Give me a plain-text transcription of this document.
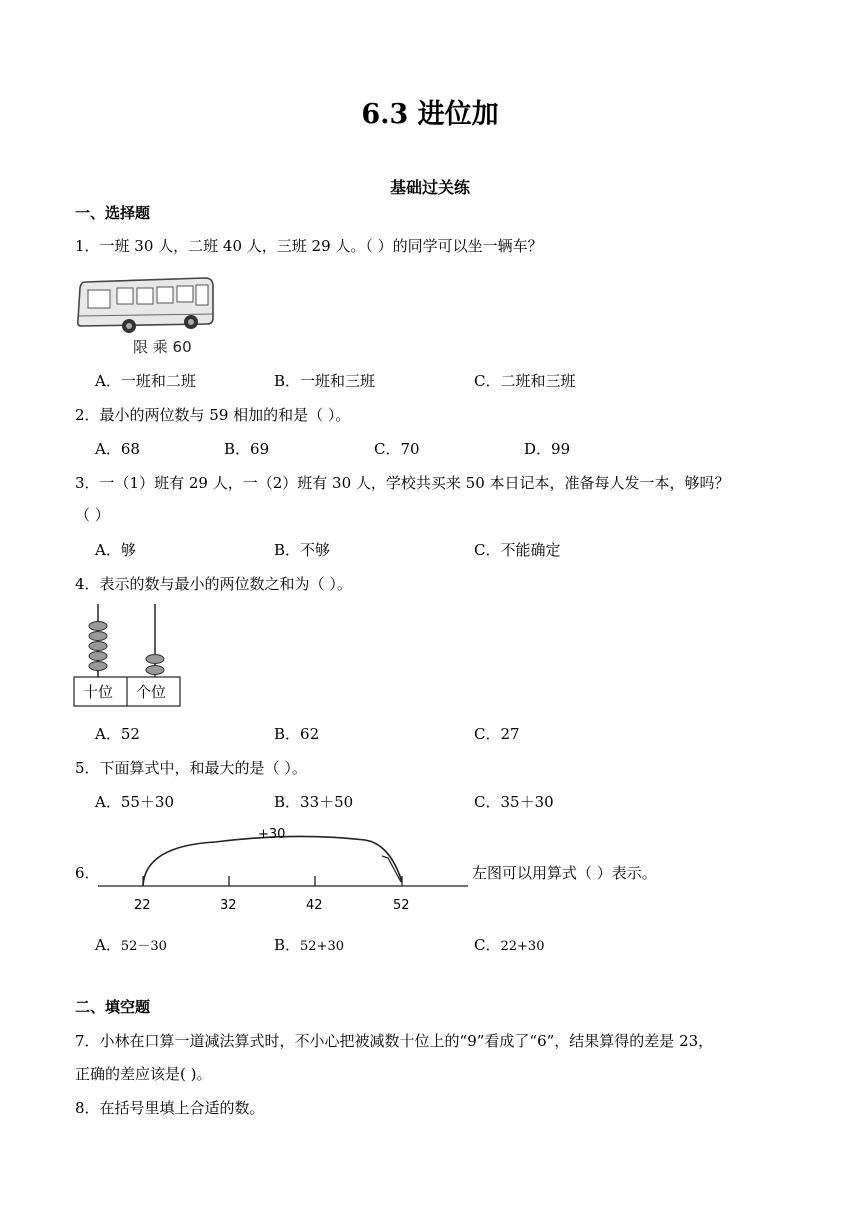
6.3 进位加
基础过关练
一、选择题
1．一班 30 人，二班 40 人，三班 29 人。（ ）的同学可以坐一辆车？
限 乘 60
A．一班和二班	B．一班和三班	C．二班和三班
2．最小的两位数与 59 相加的和是（ ）。
A．68	B．69	C．70	D．99
3．一（1）班有 29 人，一（2）班有 30 人，学校共买来 50 本日记本，准备每人发一本，够吗？
（ ）
A．够	B．不够	C．不能确定
4．表示的数与最小的两位数之和为（ ）。
十位 个位
A．52	B．62	C．27
5．下面算式中，和最大的是（ ）。
A．55＋30	B．33＋50	C．35＋30
6．
+30
22	32	42	52
左图可以用算式（ ）表示。
A．52－30	B．52+30	C．22+30
二、填空题
7．小林在口算一道减法算式时，不小心把被减数十位上的“9”看成了“6”，结果算得的差是 23，
正确的差应该是( )。
8．在括号里填上合适的数。
